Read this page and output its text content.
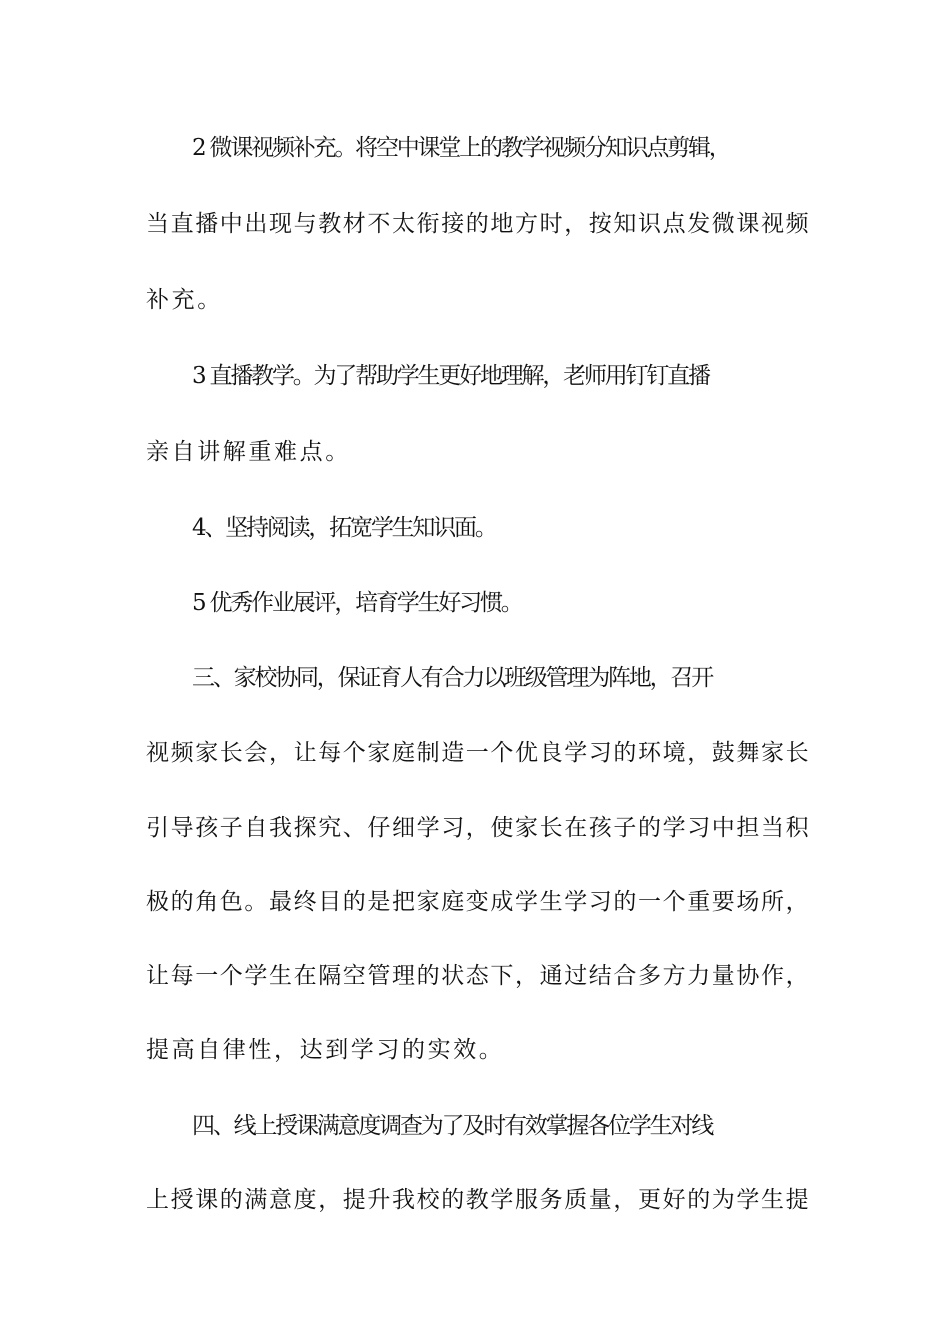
2 微课视频补充。将空中课堂上的教学视频分知识点剪辑，
当直播中出现与教材不太衔接的地方时，按知识点发微课视频
补充。
3 直播教学。为了帮助学生更好地理解，老师用钉钉直播
亲自讲解重难点。
4、坚持阅读，拓宽学生知识面。
5 优秀作业展评，培育学生好习惯。
三、家校协同，保证育人有合力以班级管理为阵地，召开
视频家长会，让每个家庭制造一个优良学习的环境，鼓舞家长
引导孩子自我探究、仔细学习，使家长在孩子的学习中担当积
极的角色。最终目的是把家庭变成学生学习的一个重要场所，
让每一个学生在隔空管理的状态下，通过结合多方力量协作，
提高自律性，达到学习的实效。
四、线上授课满意度调查为了及时有效掌握各位学生对线
上授课的满意度，提升我校的教学服务质量，更好的为学生提
